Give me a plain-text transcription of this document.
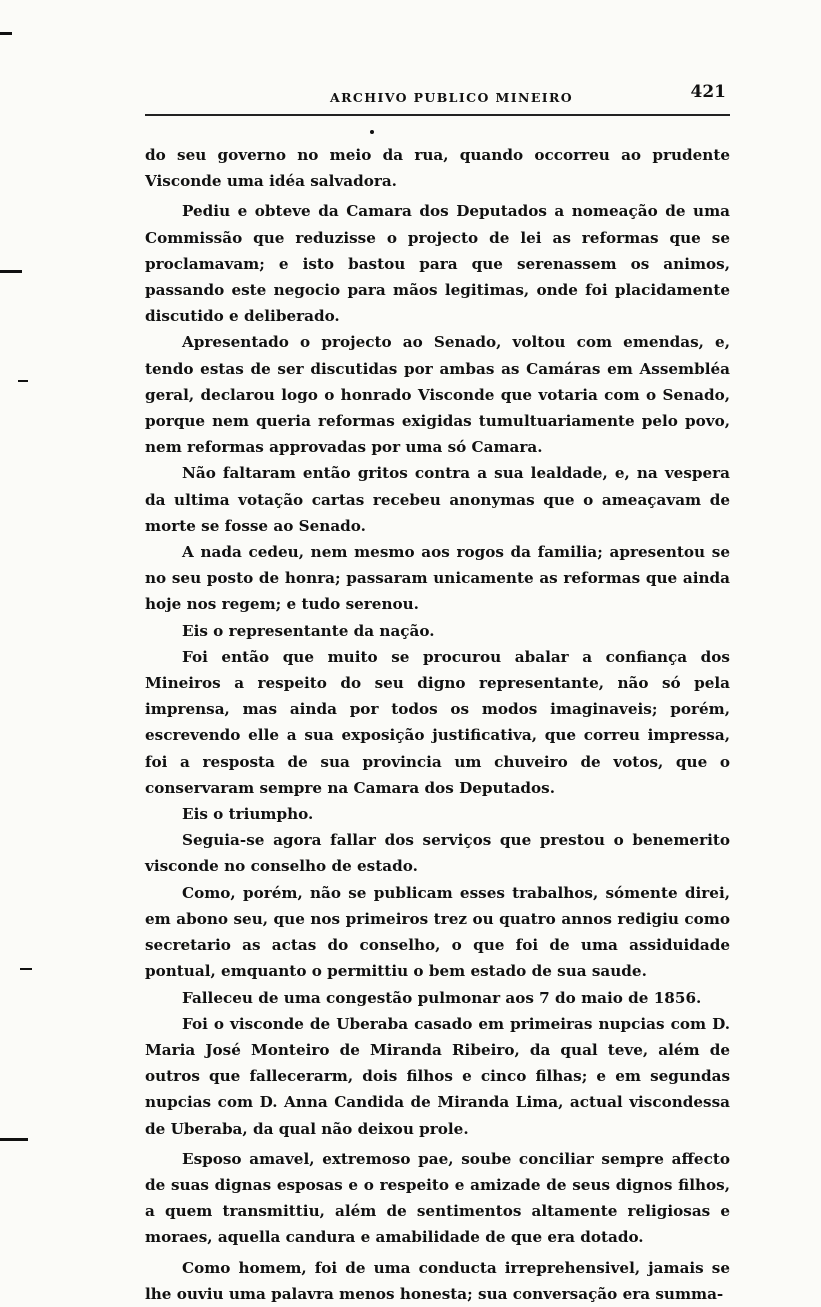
ARCHIVO PUBLICO MINEIRO	421

do seu governo no meio da rua, quando occorreu ao prudente Visconde uma idéa salvadora.

Pediu e obteve da Camara dos Deputados a nomeação de uma Commissão que reduzisse o projecto de lei as reformas que se proclamavam; e isto bastou para que serenassem os animos, passando este negocio para mãos legitimas, onde foi placidamente discutido e deliberado.

Apresentado o projecto ao Senado, voltou com emendas, e, tendo estas de ser discutidas por ambas as Camáras em Assembléa geral, declarou logo o honrado Visconde que votaria com o Senado, porque nem queria reformas exigidas tumultuariamente pelo povo, nem reformas approvadas por uma só Camara.

Não faltaram então gritos contra a sua lealdade, e, na vespera da ultima votação cartas recebeu anonymas que o ameaçavam de morte se fosse ao Senado.

A nada cedeu, nem mesmo aos rogos da familia; apresentou se no seu posto de honra; passaram unicamente as reformas que ainda hoje nos regem; e tudo serenou.

Eis o representante da nação.

Foi então que muito se procurou abalar a confiança dos Mineiros a respeito do seu digno representante, não só pela imprensa, mas ainda por todos os modos imaginaveis; porém, escrevendo elle a sua exposição justificativa, que correu impressa, foi a resposta de sua provincia um chuveiro de votos, que o conservaram sempre na Camara dos Deputados.

Eis o triumpho.

Seguia-se agora fallar dos serviços que prestou o benemerito visconde no conselho de estado.

Como, porém, não se publicam esses trabalhos, sómente direi, em abono seu, que nos primeiros trez ou quatro annos redigiu como secretario as actas do conselho, o que foi de uma assiduidade pontual, emquanto o permittiu o bem estado de sua saude.

Falleceu de uma congestão pulmonar aos 7 do maio de 1856.

Foi o visconde de Uberaba casado em primeiras nupcias com D. Maria José Monteiro de Miranda Ribeiro, da qual teve, além de outros que fallecerarm, dois filhos e cinco filhas; e em segundas nupcias com D. Anna Candida de Miranda Lima, actual viscondessa de Uberaba, da qual não deixou prole.

Esposo amavel, extremoso pae, soube conciliar sempre affecto de suas dignas esposas e o respeito e amizade de seus dignos filhos, a quem transmittiu, além de sentimentos altamente religiosas e moraes, aquella candura e amabilidade de que era dotado.

Como homem, foi de uma conducta irreprehensivel, jamais se lhe ouviu uma palavra menos honesta; sua conversação era summa-
